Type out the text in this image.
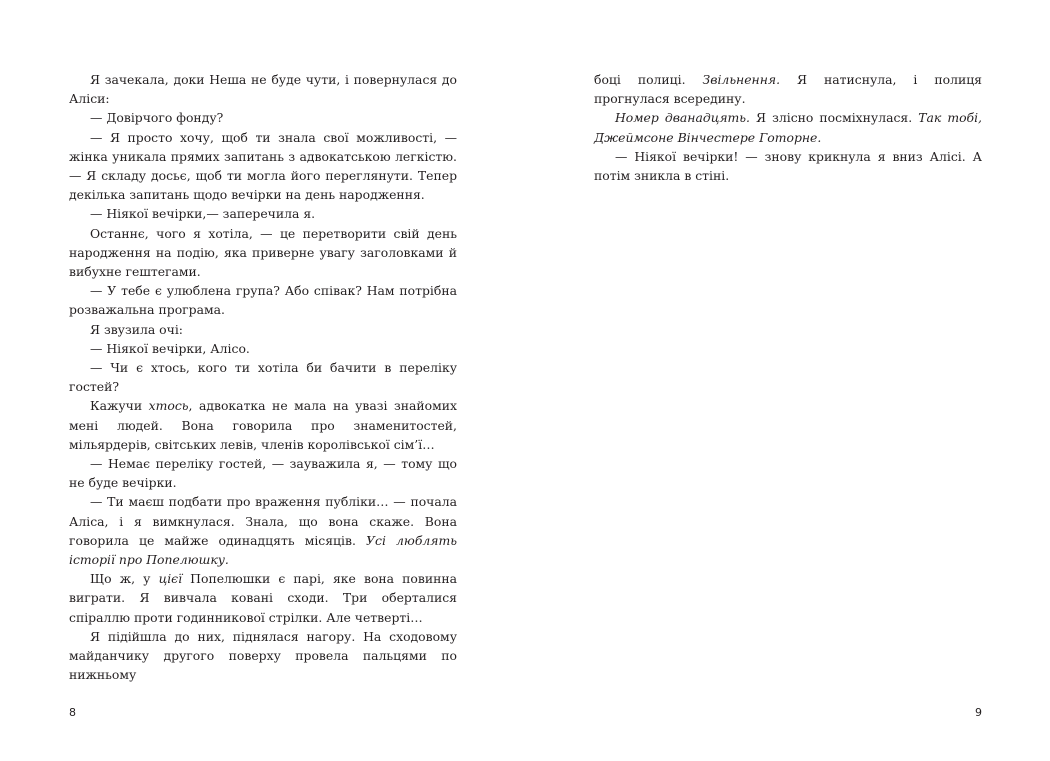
Я зачекала, доки Неша не буде чути, і повернулася до Аліси:

— Довірчого фонду?

— Я просто хочу, щоб ти знала свої можливості, — жінка уникала прямих запитань з адвокатською легкістю. — Я складу досьє, щоб ти могла його переглянути. Тепер декілька запитань щодо вечірки на день народження.

— Ніякої вечірки,— заперечила я.

Останнє, чого я хотіла, — це перетворити свій день народження на подію, яка приверне увагу заголовками й вибухне гештегами.

— У тебе є улюблена група? Або співак? Нам потрібна розважальна програма.

Я звузила очі:

— Ніякої вечірки, Алісо.

— Чи є хтось, кого ти хотіла би бачити в переліку гостей?

Кажучи хтось, адвокатка не мала на увазі знайомих мені людей. Вона говорила про знаменитостей, мільярдерів, світських левів, членів королівської сім’ї…

— Немає переліку гостей, — зауважила я, — тому що не буде вечірки.

— Ти маєш подбати про враження публіки… — почала Аліса, і я вимкнулася. Знала, що вона скаже. Вона говорила це майже одинадцять місяців. Усі люблять історії про Попелюшку.

Що ж, у цієї Попелюшки є парі, яке вона повинна виграти. Я вивчала ковані сходи. Три оберталися спіраллю проти годинникової стрілки. Але четверті…

Я підійшла до них, піднялася нагору. На сходовому майданчику другого поверху провела пальцями по нижньому

боці полиці. Звільнення. Я натиснула, і полиця прогнулася всередину.

Номер дванадцять. Я злісно посміхнулася. Так тобі, Джеймсоне Вінчестере Готорне.

— Ніякої вечірки! — знову крикнула я вниз Алісі. А потім зникла в стіні.

8	9
